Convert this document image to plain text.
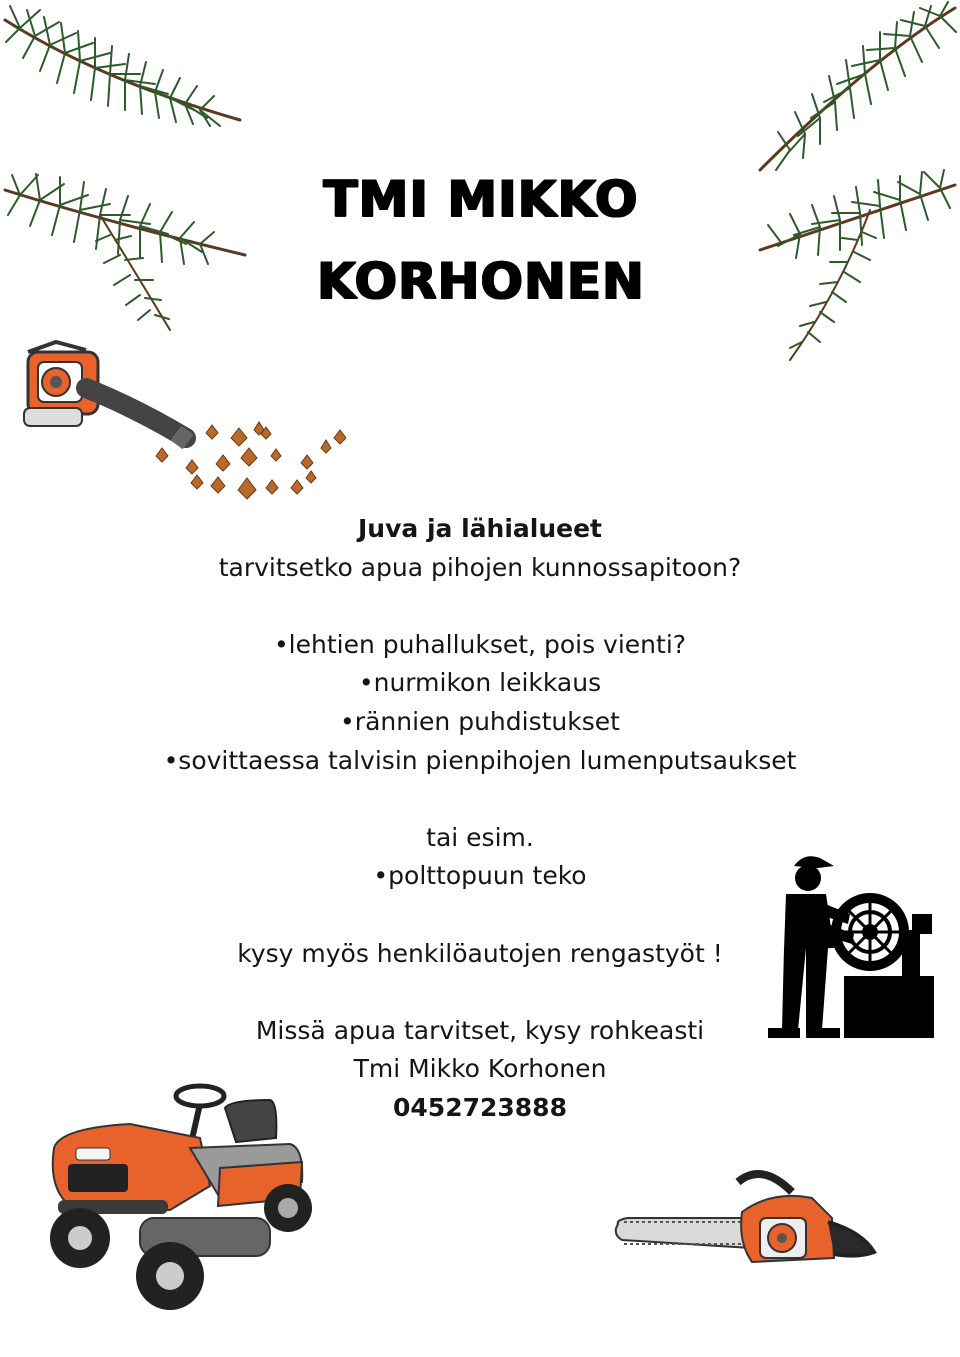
TMI MIKKO
KORHONEN
Juva ja lähialueet
tarvitsetko apua pihojen kunnossapitoon?
•lehtien puhallukset, pois vienti?
•nurmikon leikkaus
•rännien puhdistukset
•sovittaessa talvisin pienpihojen lumenputsaukset
tai esim.
•polttopuun teko
kysy myös henkilöautojen rengastyöt !
Missä apua tarvitset, kysy rohkeasti
Tmi Mikko Korhonen
0452723888
